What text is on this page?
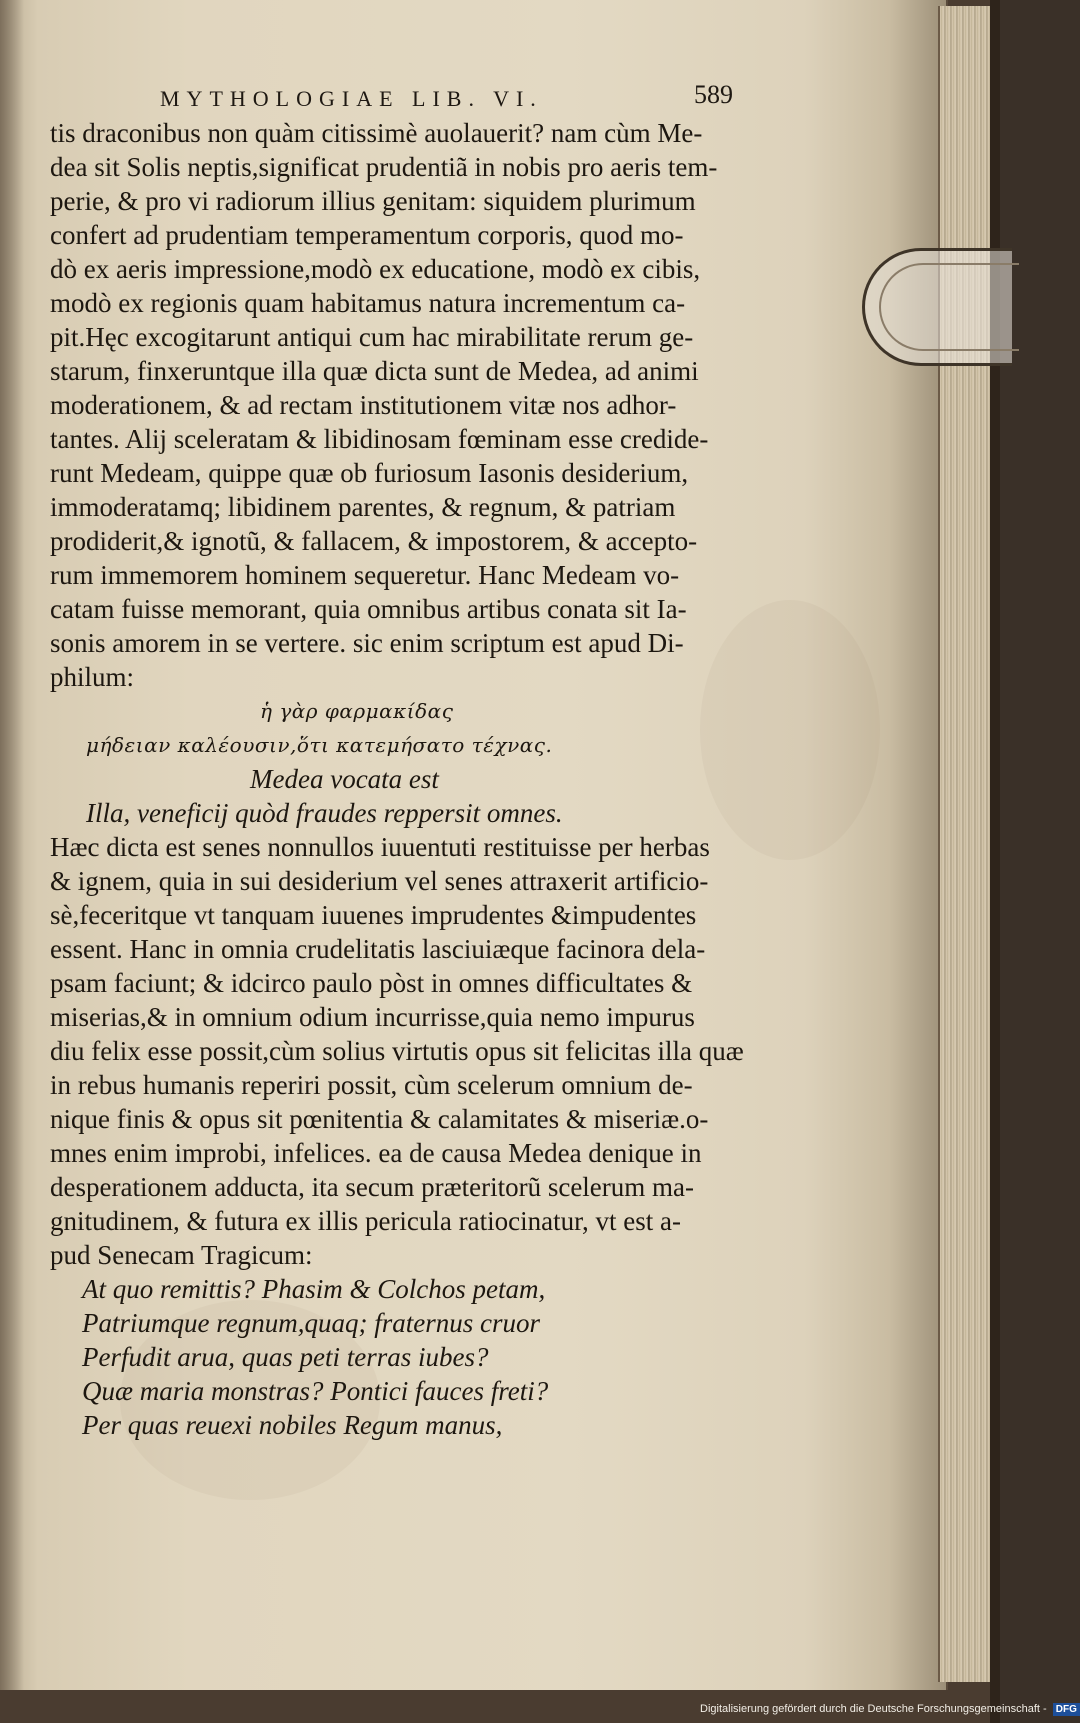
MYTHOLOGIAE LIB. VI.	589
tis draconibus non quàm citissimè auolauerit? nam cùm Me-
dea sit Solis neptis,significat prudentiã in nobis pro aeris tem-
perie, & pro vi radiorum illius genitam: siquidem plurimum
confert ad prudentiam temperamentum corporis, quod mo-
dò ex aeris impressione,modò ex educatione, modò ex cibis,
modò ex regionis quam habitamus natura incrementum ca-
pit.Hęc excogitarunt antiqui cum hac mirabilitate rerum ge-
starum, finxeruntque illa quæ dicta sunt de Medea, ad animi
moderationem, & ad rectam institutionem vitæ nos adhor-
tantes. Alij sceleratam & libidinosam fœminam esse credide-
runt Medeam, quippe quæ ob furiosum Iasonis desiderium,
immoderatamq; libidinem parentes, & regnum, & patriam
prodiderit,& ignotũ, & fallacem, & impostorem, & accepto-
rum immemorem hominem sequeretur. Hanc Medeam vo-
catam fuisse memorant, quia omnibus artibus conata sit Ia-
sonis amorem in se vertere. sic enim scriptum est apud Di-
philum:
ἡ γὰρ φαρμακίδας
μήδειαν καλέουσιν,ὅτι κατεμήσατο τέχνας.
Medea vocata est
Illa, veneficij quòd fraudes reppersit omnes.
Hæc dicta est senes nonnullos iuuentuti restituisse per herbas
& ignem, quia in sui desiderium vel senes attraxerit artificio-
sè,feceritque vt tanquam iuuenes imprudentes &impudentes
essent. Hanc in omnia crudelitatis lasciuiæque facinora dela-
psam faciunt; & idcirco paulo pòst in omnes difficultates &
miserias,& in omnium odium incurrisse,quia nemo impurus
diu felix esse possit,cùm solius virtutis opus sit felicitas illa quæ
in rebus humanis reperiri possit, cùm scelerum omnium de-
nique finis & opus sit pœnitentia & calamitates & miseriæ.o-
mnes enim improbi, infelices. ea de causa Medea denique in
desperationem adducta, ita secum prӕteritorũ scelerum ma-
gnitudinem, & futura ex illis pericula ratiocinatur, vt est a-
pud Senecam Tragicum:
At quo remittis? Phasim & Colchos petam,
Patriumque regnum,quaq; fraternus cruor
Perfudit arua, quas peti terras iubes?
Quæ maria monstras? Pontici fauces freti?
Per quas reuexi nobiles Regum manus,
Digitalisierung gefördert durch die Deutsche Forschungsgemeinschaft - DFG
